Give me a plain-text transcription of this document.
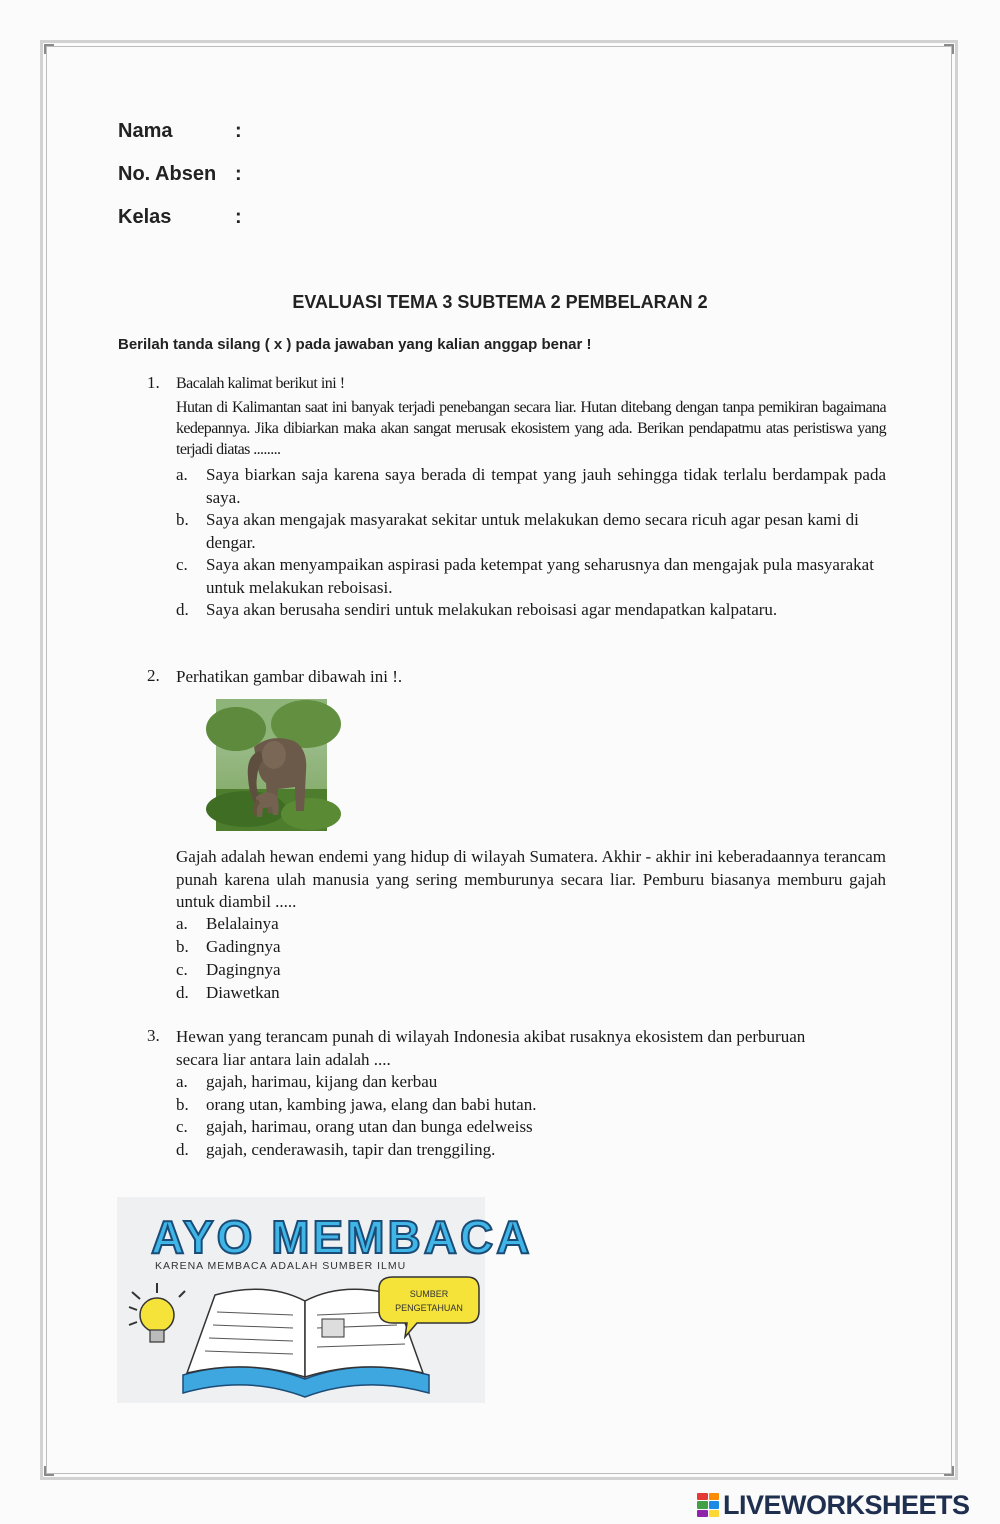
Nama	:
No. Absen :
Kelas	:
EVALUASI TEMA 3 SUBTEMA 2 PEMBELARAN 2
Berilah tanda silang ( x ) pada jawaban yang kalian anggap benar !
1. Bacalah kalimat berikut ini !
Hutan di Kalimantan saat ini banyak terjadi penebangan secara liar. Hutan ditebang dengan tanpa pemikiran bagaimana kedepannya. Jika dibiarkan maka akan sangat merusak ekosistem yang ada. Berikan pendapatmu atas peristiswa yang terjadi diatas ........
a. Saya biarkan saja karena saya berada di tempat yang jauh sehingga tidak terlalu berdampak pada saya.
b. Saya akan mengajak masyarakat sekitar untuk melakukan demo secara ricuh agar pesan kami di dengar.
c. Saya akan menyampaikan aspirasi pada ketempat yang seharusnya dan mengajak pula masyarakat untuk melakukan reboisasi.
d. Saya akan berusaha sendiri untuk melakukan reboisasi agar mendapatkan kalpataru.
2. Perhatikan gambar dibawah ini !.
Gajah adalah hewan endemi yang hidup di wilayah Sumatera. Akhir - akhir ini keberadaannya terancam punah karena ulah manusia yang sering memburunya secara liar. Pemburu biasanya memburu gajah untuk diambil .....
a. Belalainya
b. Gadingnya
c. Dagingnya
d. Diawetkan
3. Hewan yang terancam punah di wilayah Indonesia akibat rusaknya ekosistem dan perburuan secara liar antara lain adalah ....
a. gajah, harimau, kijang dan kerbau
b. orang utan, kambing jawa, elang dan babi hutan.
c. gajah, harimau, orang utan dan bunga edelweiss
d. gajah, cenderawasih, tapir dan trenggiling.
AYO MEMBACA
KARENA MEMBACA ADALAH SUMBER ILMU
SUMBER
PENGETAHUAN
LIVEWORKSHEETS
